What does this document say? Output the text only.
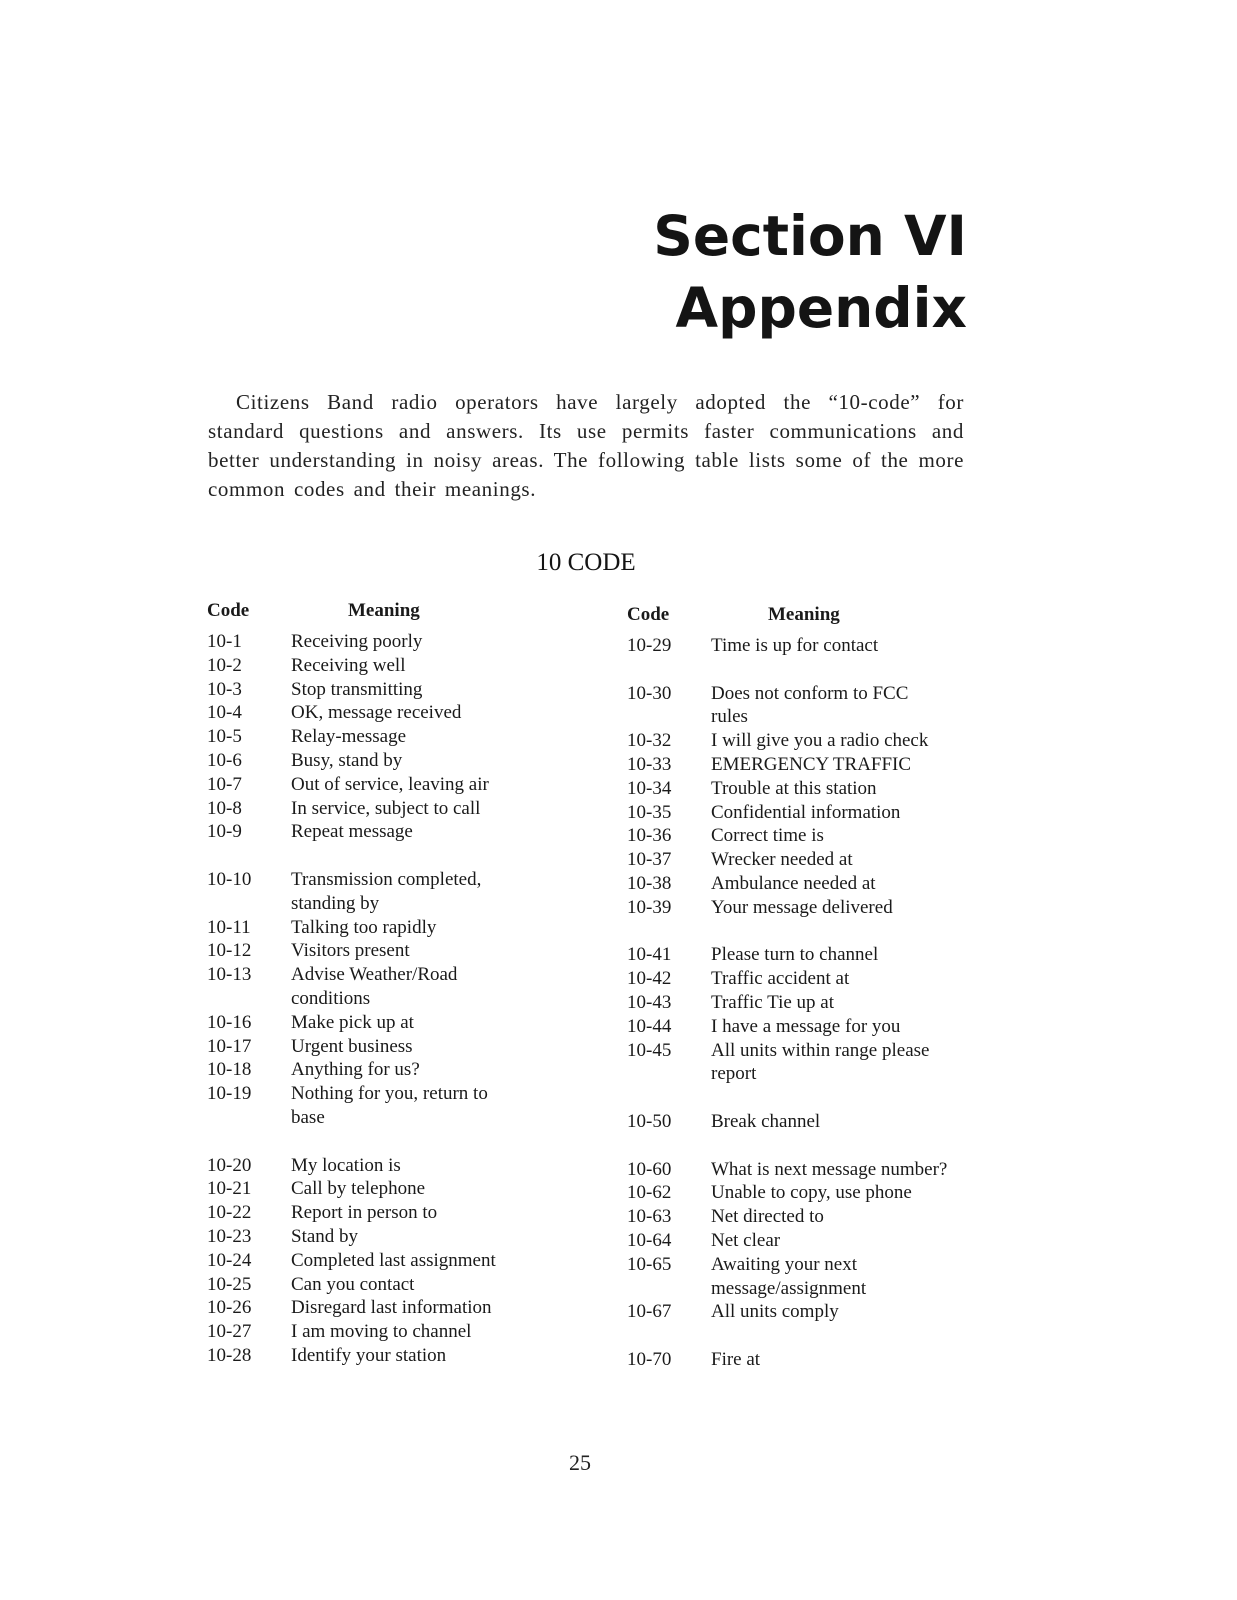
Section VI
Appendix
Citizens Band radio operators have largely adopted the “10-code” for standard questions and answers. Its use permits faster communications and better understanding in noisy areas. The following table lists some of the more common codes and their meanings.
10 CODE
Code	Meaning
10-1	Receiving poorly
10-2	Receiving well
10-3	Stop transmitting
10-4	OK, message received
10-5	Relay-message
10-6	Busy, stand by
10-7	Out of service, leaving air
10-8	In service, subject to call
10-9	Repeat message
10-10	Transmission completed,
standing by
10-11	Talking too rapidly
10-12	Visitors present
10-13	Advise Weather/Road
conditions
10-16	Make pick up at
10-17	Urgent business
10-18	Anything for us?
10-19	Nothing for you, return to
base
10-20	My location is
10-21	Call by telephone
10-22	Report in person to
10-23	Stand by
10-24	Completed last assignment
10-25	Can you contact
10-26	Disregard last information
10-27	I am moving to channel
10-28	Identify your station
Code	Meaning
10-29	Time is up for contact
10-30	Does not conform to FCC
rules
10-32	I will give you a radio check
10-33	EMERGENCY TRAFFIC
10-34	Trouble at this station
10-35	Confidential information
10-36	Correct time is
10-37	Wrecker needed at
10-38	Ambulance needed at
10-39	Your message delivered
10-41	Please turn to channel
10-42	Traffic accident at
10-43	Traffic Tie up at
10-44	I have a message for you
10-45	All units within range please
report
10-50	Break channel
10-60	What is next message number?
10-62	Unable to copy, use phone
10-63	Net directed to
10-64	Net clear
10-65	Awaiting your next
message/assignment
10-67	All units comply
10-70	Fire at
25
